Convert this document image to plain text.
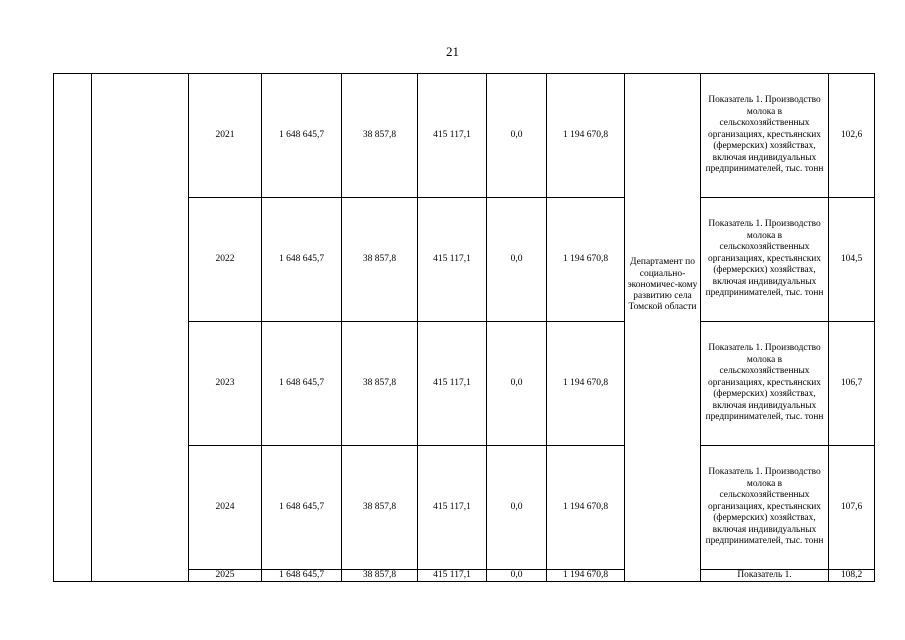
21
		2021	1 648 645,7	38 857,8	415 117,1	0,0	1 194 670,8	Департамент по социально-экономичес-кому развитию села Томской области	Показатель 1. Производство молока в сельскохозяйственных организациях, крестьянских (фермерских) хозяйствах, включая индивидуальных предпринимателей, тыс. тонн	102,6
		2022	1 648 645,7	38 857,8	415 117,1	0,0	1 194 670,8		Показатель 1. Производство молока в сельскохозяйственных организациях, крестьянских (фермерских) хозяйствах, включая индивидуальных предпринимателей, тыс. тонн	104,5
		2023	1 648 645,7	38 857,8	415 117,1	0,0	1 194 670,8		Показатель 1. Производство молока в сельскохозяйственных организациях, крестьянских (фермерских) хозяйствах, включая индивидуальных предпринимателей, тыс. тонн	106,7
		2024	1 648 645,7	38 857,8	415 117,1	0,0	1 194 670,8		Показатель 1. Производство молока в сельскохозяйственных организациях, крестьянских (фермерских) хозяйствах, включая индивидуальных предпринимателей, тыс. тонн	107,6
		2025	1 648 645,7	38 857,8	415 117,1	0,0	1 194 670,8		Показатель 1.	108,2
